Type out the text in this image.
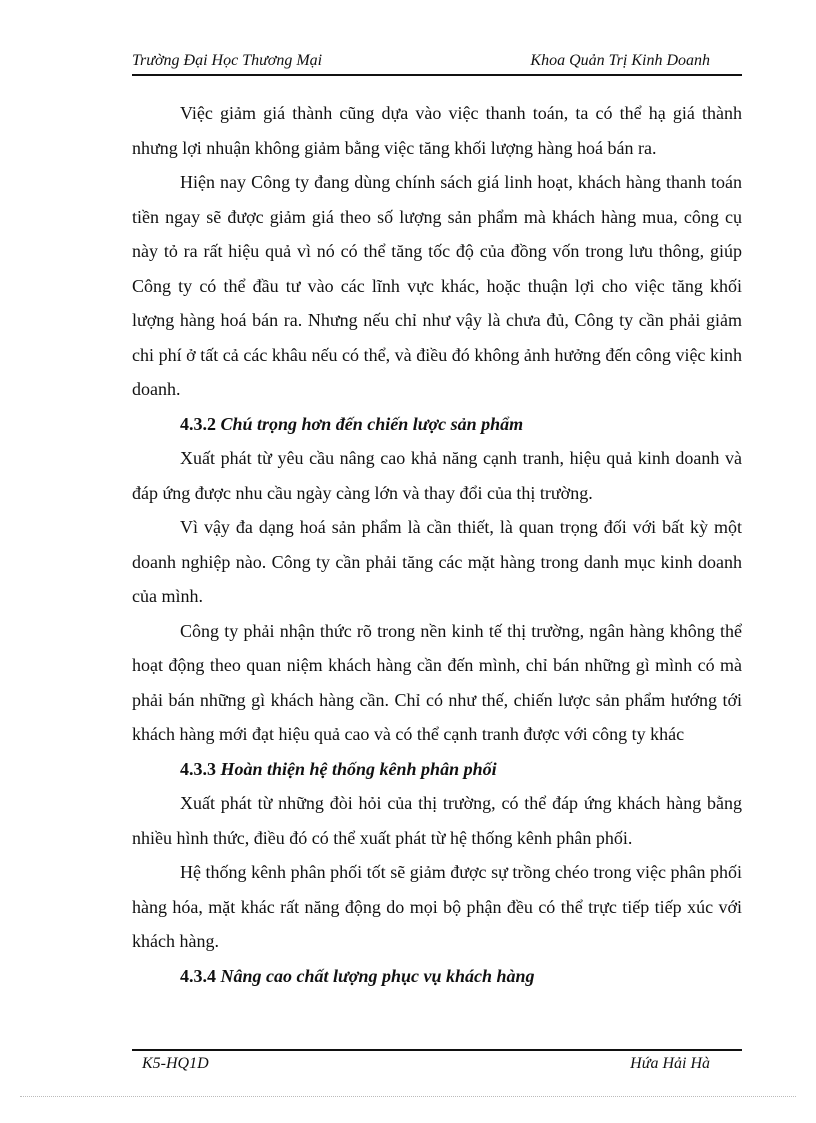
Trường Đại Học Thương Mại	Khoa Quản Trị Kinh Doanh

Việc giảm giá thành cũng dựa vào việc thanh toán, ta có thể hạ giá thành nhưng lợi nhuận không giảm bằng việc tăng khối lượng hàng hoá bán ra.

Hiện nay Công ty đang dùng chính sách giá linh hoạt, khách hàng thanh toán tiền ngay sẽ được giảm giá theo số lượng sản phẩm mà khách hàng mua, công cụ này tỏ ra rất hiệu quả vì nó có thể tăng tốc độ của đồng vốn trong lưu thông, giúp Công ty có thể đầu tư vào các lĩnh vực khác, hoặc thuận lợi cho việc tăng khối lượng hàng hoá bán ra. Nhưng nếu chỉ như vậy là chưa đủ, Công ty cần phải giảm chi phí ở tất cả các khâu nếu có thể, và điều đó không ảnh hưởng đến công việc kinh doanh.

4.3.2 Chú trọng hơn đến chiến lược sản phẩm

Xuất phát từ yêu cầu nâng cao khả năng cạnh tranh, hiệu quả kinh doanh và đáp ứng được nhu cầu ngày càng lớn và thay đổi của thị trường.

Vì vậy đa dạng hoá sản phẩm là cần thiết, là quan trọng đối với bất kỳ một doanh nghiệp nào. Công ty cần phải tăng các mặt hàng trong danh mục kinh doanh của mình.

Công ty phải nhận thức rõ trong nền kinh tế thị trường, ngân hàng không thể hoạt động theo quan niệm khách hàng cần đến mình, chỉ bán những gì mình có mà phải bán những gì khách hàng cần. Chỉ có như thế, chiến lược sản phẩm hướng tới khách hàng mới đạt hiệu quả cao và có thể cạnh tranh được với công ty khác

4.3.3 Hoàn thiện hệ thống kênh phân phối

Xuất phát từ những đòi hỏi của thị trường, có thể đáp ứng khách hàng bằng nhiều hình thức, điều đó có thể xuất phát từ hệ thống kênh phân phối.

Hệ thống kênh phân phối tốt sẽ giảm được sự trồng chéo trong việc phân phối hàng hóa, mặt khác rất năng động do mọi bộ phận đều có thể trực tiếp tiếp xúc với khách hàng.

4.3.4 Nâng cao chất lượng phục vụ khách hàng
K5-HQ1D	Hứa Hải Hà
